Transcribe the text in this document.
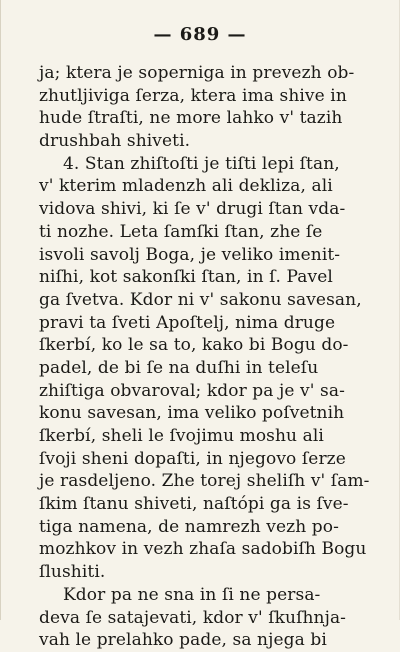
— 689 —
ja; ktera je soperniga in prevezh ob-
zhutljiviga ſerza, ktera ima shive in
hude ſtraſti, ne more lahko v' tazih
drushbah shiveti.
4. Stan zhiſtoſti je tiſti lepi ſtan,
v' kterim mladenzh ali dekliza, ali
vidova shivi, ki ſe v' drugi ſtan vda-
ti nozhe. Leta ſamſki ſtan, zhe ſe
isvoli savolj Boga, je veliko imenit-
niſhi, kot sakonſki ſtan, in ſ. Pavel
ga ſvetva. Kdor ni v' sakonu savesan,
pravi ta ſveti Apoſtelj, nima druge
ſkerbí, ko le sa to, kako bi Bogu do-
padel, de bi ſe na duſhi in teleſu
zhiſtiga obvaroval; kdor pa je v' sa-
konu savesan, ima veliko poſvetnih
ſkerbí, sheli le ſvojimu moshu ali
ſvoji sheni dopaſti, in njegovo ſerze
je rasdeljeno. Zhe torej sheliſh v' ſam-
ſkim ſtanu shiveti, naſtópi ga is ſve-
tiga namena, de namrezh vezh po-
mozhkov in vezh zhaſa sadobiſh Bogu
ſlushiti.
Kdor pa ne sna in ſi ne persa-
deva ſe satajevati, kdor v' ſkuſhnja-
vah le prelahko pade, sa njega bi
